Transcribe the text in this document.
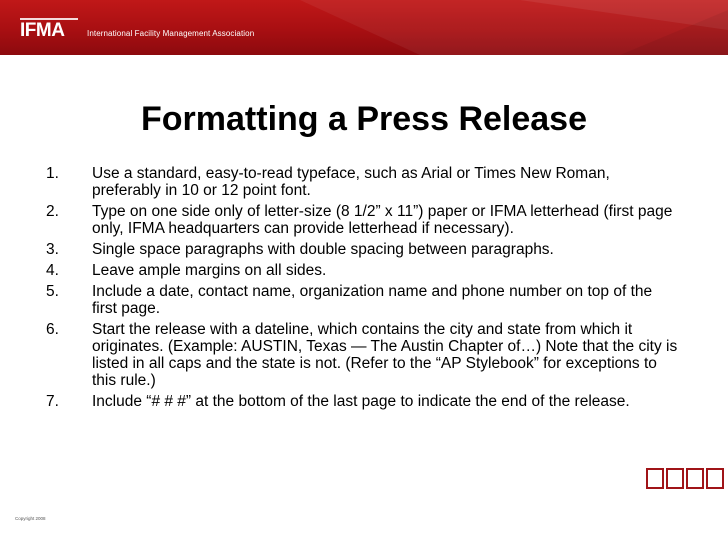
IFMA	International Facility Management Association
Formatting a Press Release
1. Use a standard, easy-to-read typeface, such as Arial or Times New Roman, preferably in 10 or 12 point font.
2. Type on one side only of letter-size (8 1/2” x 11”) paper or IFMA letterhead (first page only, IFMA headquarters can provide letterhead if necessary).
3. Single space paragraphs with double spacing between paragraphs.
4. Leave ample margins on all sides.
5. Include a date, contact name, organization name and phone number on top of the first page.
6. Start the release with a dateline, which contains the city and state from which it originates. (Example: AUSTIN, Texas — The Austin Chapter of…) Note that the city is listed in all caps and the state is not. (Refer to the “AP Stylebook” for exceptions to this rule.)
7. Include “# # #” at the bottom of the last page to indicate the end of the release.
Copyright 2008
